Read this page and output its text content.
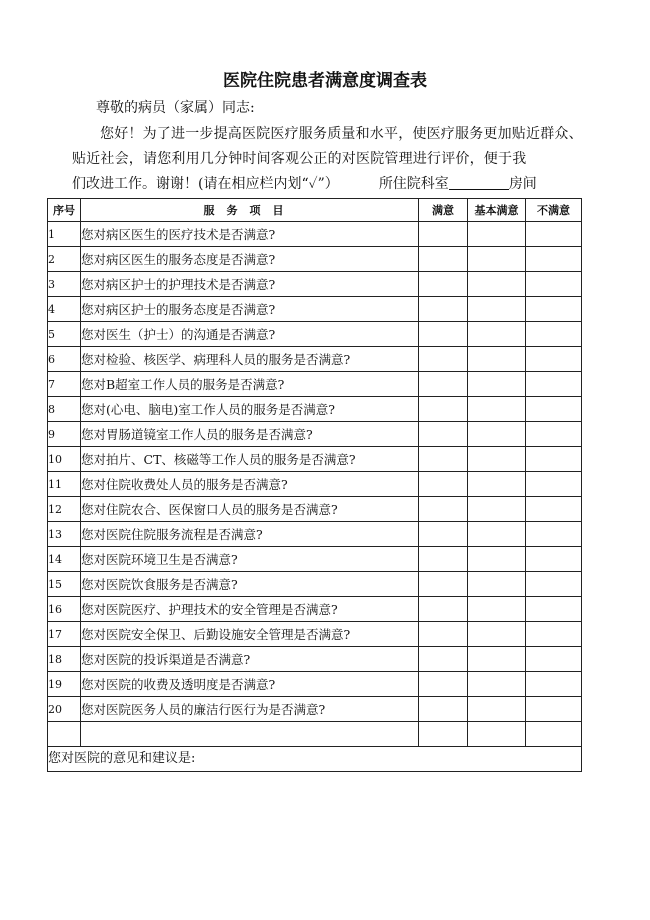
医院住院患者满意度调查表
尊敬的病员（家属）同志:
您好！为了进一步提高医院医疗服务质量和水平，使医疗服务更加贴近群众、贴近社会，请您利用几分钟时间客观公正的对医院管理进行评价，便于我
们改进工作。谢谢！(请在相应栏内划“✓”）	所住院科室	房间
序号	服务项目	满意	基本满意	不满意
1	您对病区医生的医疗技术是否满意?			
2	您对病区医生的服务态度是否满意?			
3	您对病区护士的护理技术是否满意?			
4	您对病区护士的服务态度是否满意?			
5	您对医生（护士）的沟通是否满意?			
6	您对检验、核医学、病理科人员的服务是否满意?			
7	您对B超室工作人员的服务是否满意?			
8	您对(心电、脑电)室工作人员的服务是否满意?			
9	您对胃肠道镜室工作人员的服务是否满意?			
10	您对拍片、CT、核磁等工作人员的服务是否满意?			
11	您对住院收费处人员的服务是否满意?			
12	您对住院农合、医保窗口人员的服务是否满意?			
13	您对医院住院服务流程是否满意?			
14	您对医院环境卫生是否满意?			
15	您对医院饮食服务是否满意?			
16	您对医院医疗、护理技术的安全管理是否满意?			
17	您对医院安全保卫、后勤设施安全管理是否满意?			
18	您对医院的投诉渠道是否满意?			
19	您对医院的收费及透明度是否满意?			
20	您对医院医务人员的廉洁行医行为是否满意?			

您对医院的意见和建议是:				
